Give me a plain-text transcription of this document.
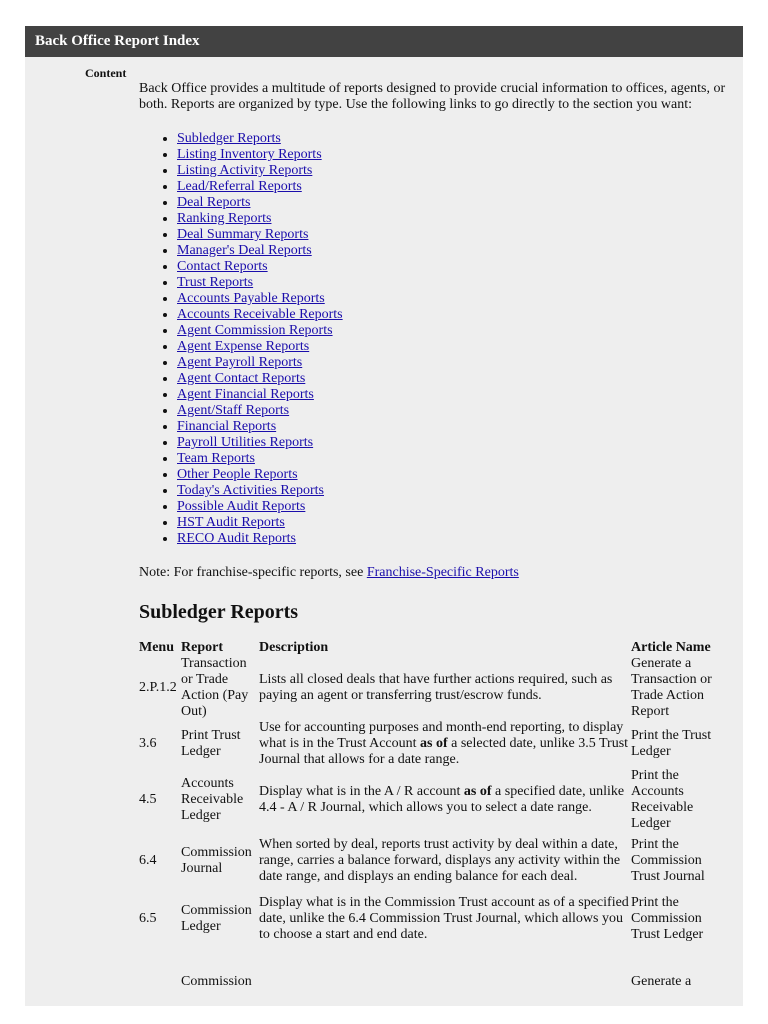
Back Office Report Index
Content

Back Office provides a multitude of reports designed to provide crucial information to offices, agents, or both. Reports are organized by type. Use the following links to go directly to the section you want:

• Subledger Reports
• Listing Inventory Reports
• Listing Activity Reports
• Lead/Referral Reports
• Deal Reports
• Ranking Reports
• Deal Summary Reports
• Manager's Deal Reports
• Contact Reports
• Trust Reports
• Accounts Payable Reports
• Accounts Receivable Reports
• Agent Commission Reports
• Agent Expense Reports
• Agent Payroll Reports
• Agent Contact Reports
• Agent Financial Reports
• Agent/Staff Reports
• Financial Reports
• Payroll Utilities Reports
• Team Reports
• Other People Reports
• Today's Activities Reports
• Possible Audit Reports
• HST Audit Reports
• RECO Audit Reports

Note: For franchise-specific reports, see Franchise-Specific Reports

Subledger Reports
Menu	Report	Description	Article Name
2.P.1.2	Transaction or Trade Action (Pay Out)	Lists all closed deals that have further actions required, such as paying an agent or transferring trust/escrow funds.	Generate a Transaction or Trade Action Report
3.6	Print Trust Ledger	Use for accounting purposes and month-end reporting, to display what is in the Trust Account as of a selected date, unlike 3.5 Trust Journal that allows for a date range.	Print the Trust Ledger
4.5	Accounts Receivable Ledger	Display what is in the A / R account as of a specified date, unlike 4.4 - A / R Journal, which allows you to select a date range.	Print the Accounts Receivable Ledger
6.4	Commission Journal	When sorted by deal, reports trust activity by deal within a date, range, carries a balance forward, displays any activity within the date range, and displays an ending balance for each deal.	Print the Commission Trust Journal
6.5	Commission Ledger	Display what is in the Commission Trust account as of a specified date, unlike the 6.4 Commission Trust Journal, which allows you to choose a start and end date.	Print the Commission Trust Ledger
	Commission		Generate a
